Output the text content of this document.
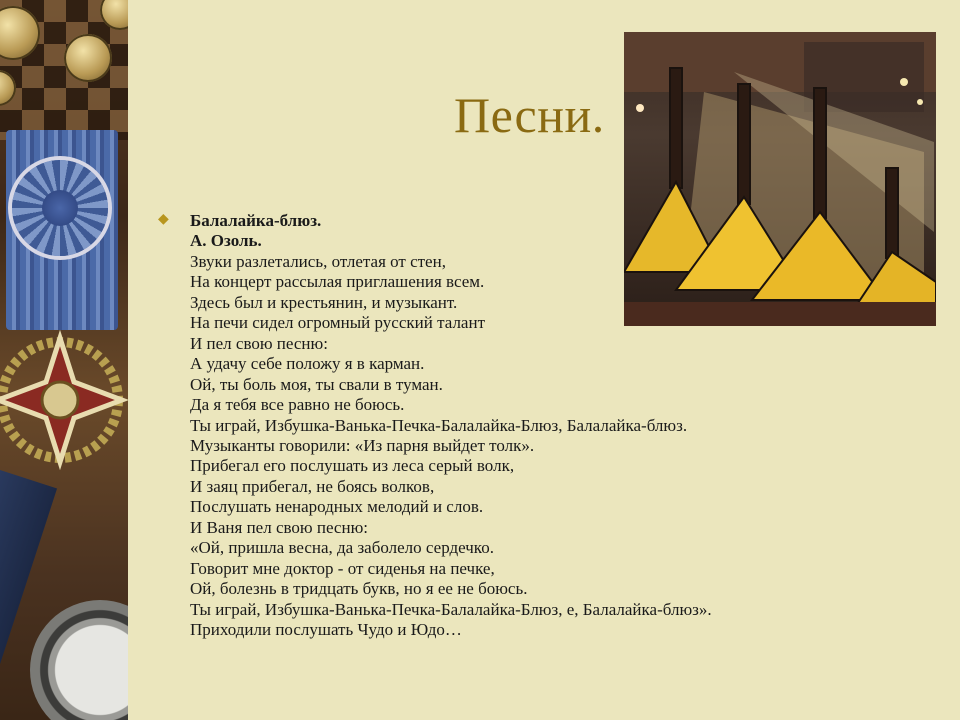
Песни.
◆ Балалайка-блюз.
А. Озоль.
Звуки разлетались, отлетая от стен,
На концерт рассылая приглашения всем.
Здесь был и крестьянин, и музыкант.
На печи сидел огромный русский талант
И пел свою песню:
А удачу себе положу я в карман.
Ой, ты боль моя, ты свали в туман.
Да я тебя все равно не боюсь.
Ты играй, Избушка-Ванька-Печка-Балалайка-Блюз, Балалайка-блюз.
Музыканты говорили: «Из парня выйдет толк».
Прибегал его послушать из леса серый волк,
И заяц прибегал, не боясь волков,
Послушать ненародных мелодий и слов.
И Ваня пел свою песню:
«Ой, пришла весна, да заболело сердечко.
Говорит мне доктор - от сиденья на печке,
Ой, болезнь в тридцать букв, но я ее не боюсь.
Ты играй, Избушка-Ванька-Печка-Балалайка-Блюз, е, Балалайка-блюз».
Приходили послушать Чудо и Юдо…
